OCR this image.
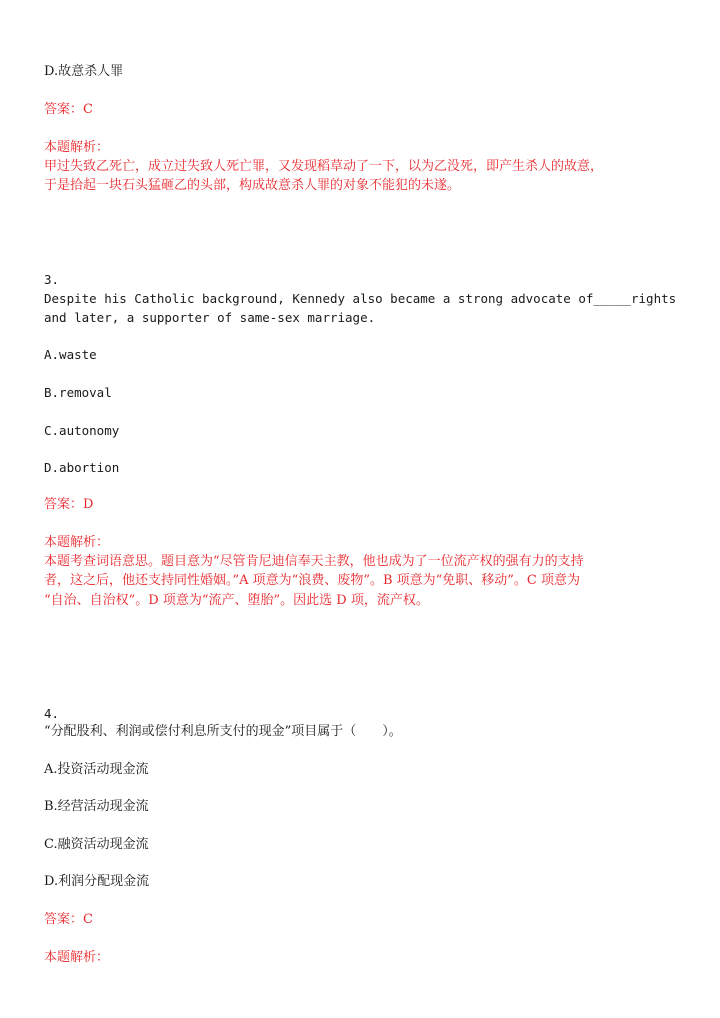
D.故意杀人罪
答案：C
本题解析：
甲过失致乙死亡，成立过失致人死亡罪，又发现稻草动了一下，以为乙没死，即产生杀人的故意，
于是拾起一块石头猛砸乙的头部，构成故意杀人罪的对象不能犯的未遂。
3.
Despite his Catholic background, Kennedy also became a strong advocate of_____rights
and later, a supporter of same-sex marriage.
A.waste
B.removal
C.autonomy
D.abortion
答案：D
本题解析：
本题考查词语意思。题目意为“尽管肯尼迪信奉天主教，他也成为了一位流产权的强有力的支持
者，这之后，他还支持同性婚姻。”A 项意为“浪费、废物”。B 项意为“免职、移动”。C 项意为
“自治、自治权”。D 项意为“流产、堕胎”。因此选 D 项，流产权。
4.
“分配股利、利润或偿付利息所支付的现金”项目属于（　　）。
A.投资活动现金流
B.经营活动现金流
C.融资活动现金流
D.利润分配现金流
答案：C
本题解析：
